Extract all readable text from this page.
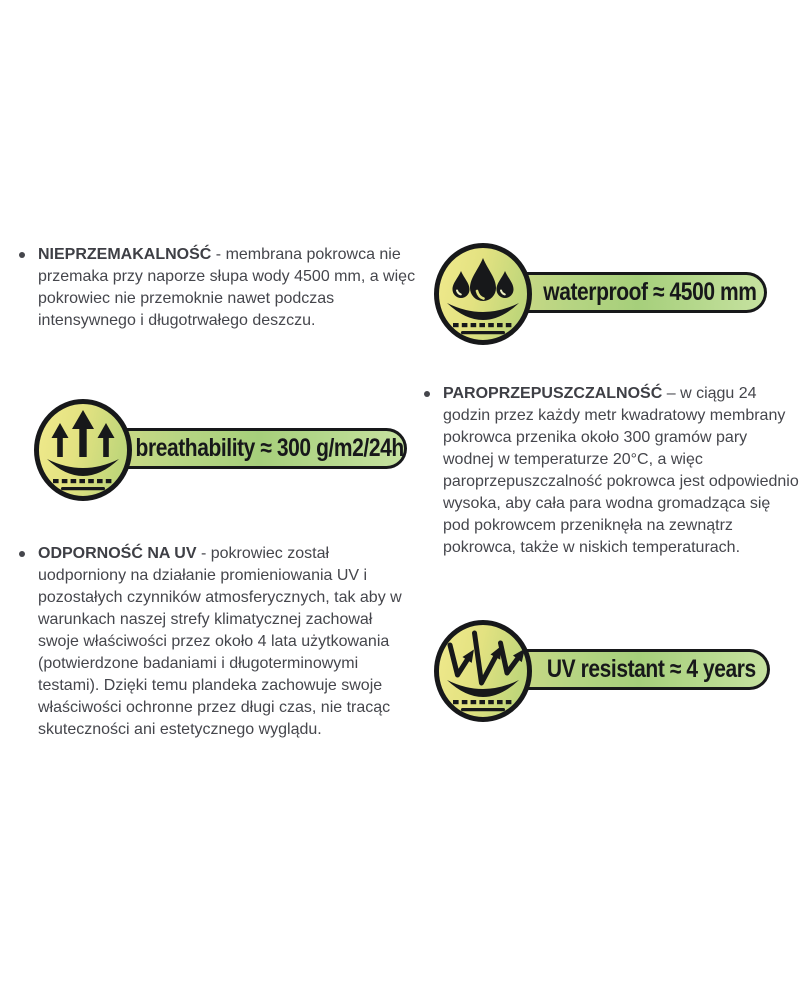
NIEPRZEMAKALNOŚĆ - membrana pokrowca nie przemaka przy naporze słupa wody 4500 mm, a więc pokrowiec nie przemoknie nawet podczas intensywnego i długotrwałego deszczu.
waterproof ≈ 4500 mm
breathability ≈ 300 g/m2/24h
ODPORNOŚĆ NA UV - pokrowiec został uodporniony na działanie promieniowania UV i pozostałych czynników atmosferycznych, tak aby w warunkach naszej strefy klimatycznej zachował swoje właściwości przez około 4 lata użytkowania (potwierdzone badaniami i długoterminowymi testami). Dzięki temu plandeka zachowuje swoje właściwości ochronne przez długi czas, nie tracąc skuteczności ani estetycznego wyglądu.
PAROPRZEPUSZCZALNOŚĆ – w ciągu 24 godzin przez każdy metr kwadratowy membrany pokrowca przenika około 300 gramów pary wodnej w temperaturze 20°C, a więc paroprzepuszczalność pokrowca jest odpowiednio wysoka, aby cała para wodna gromadząca się pod pokrowcem przeniknęła na zewnątrz pokrowca, także w niskich temperaturach.
UV resistant ≈ 4 years
